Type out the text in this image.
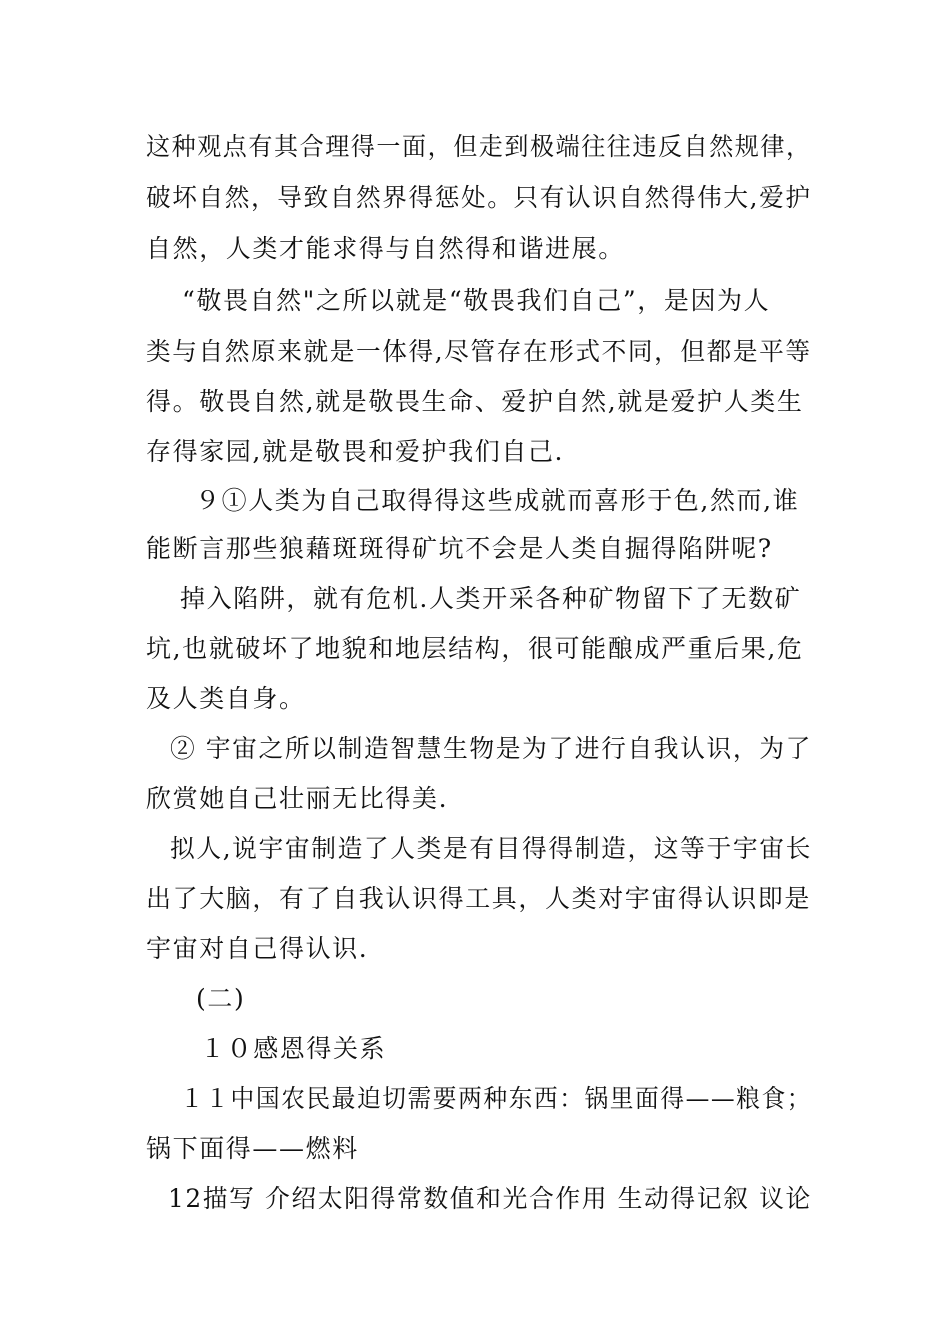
这种观点有其合理得一面，但走到极端往往违反自然规律，

破坏自然，导致自然界得惩处。只有认识自然得伟大,爱护

自然，人类才能求得与自然得和谐进展。

“敬畏自然"之所以就是“敬畏我们自己”，是因为人

类与自然原来就是一体得,尽管存在形式不同，但都是平等

得。敬畏自然,就是敬畏生命、爱护自然,就是爱护人类生

存得家园,就是敬畏和爱护我们自己.

９①人类为自己取得得这些成就而喜形于色,然而,谁

能断言那些狼藉斑斑得矿坑不会是人类自掘得陷阱呢?

掉入陷阱，就有危机.人类开采各种矿物留下了无数矿

坑,也就破坏了地貌和地层结构，很可能酿成严重后果,危

及人类自身。

② 宇宙之所以制造智慧生物是为了进行自我认识，为了

欣赏她自己壮丽无比得美.

拟人,说宇宙制造了人类是有目得得制造，这等于宇宙长

出了大脑，有了自我认识得工具，人类对宇宙得认识即是

宇宙对自己得认识.

(二)

１０感恩得关系

１１中国农民最迫切需要两种东西：锅里面得——粮食；

锅下面得——燃料

12描写 介绍太阳得常数值和光合作用 生动得记叙 议论
